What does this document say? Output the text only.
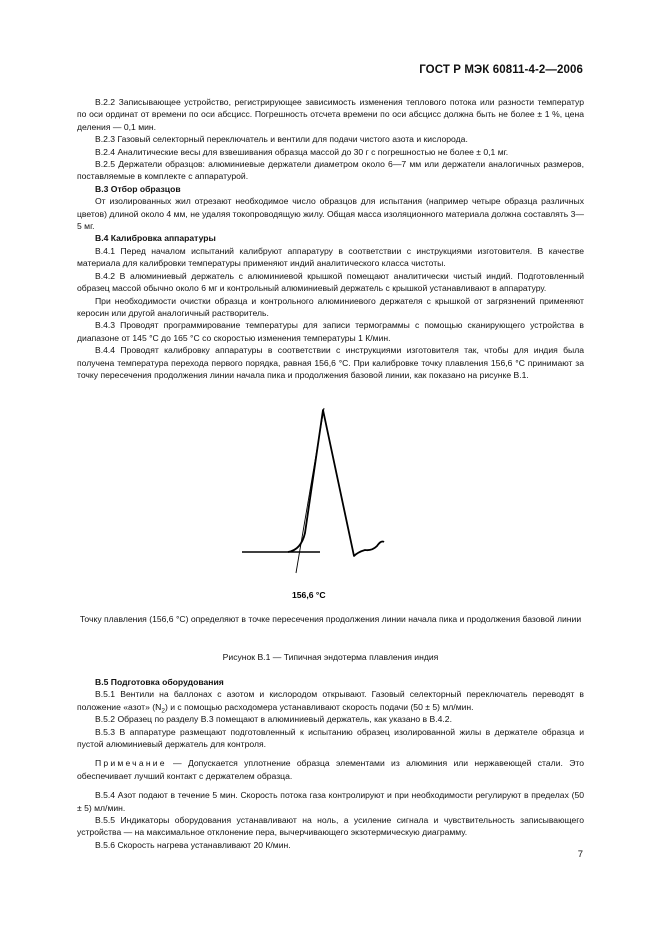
ГОСТ Р МЭК 60811-4-2—2006

B.2.2 Записывающее устройство, регистрирующее зависимость изменения теплового потока или разности температур по оси ординат от времени по оси абсцисс. Погрешность отсчета времени по оси абсцисс должна быть не более ± 1 %, цена деления — 0,1 мин.

B.2.3 Газовый селекторный переключатель и вентили для подачи чистого азота и кислорода.

B.2.4 Аналитические весы для взвешивания образца массой до 30 г с погрешностью не более ± 0,1 мг.

B.2.5 Держатели образцов: алюминиевые держатели диаметром около 6—7 мм или держатели аналогичных размеров, поставляемые в комплекте с аппаратурой.

B.3 Отбор образцов

От изолированных жил отрезают необходимое число образцов для испытания (например четыре образца различных цветов) длиной около 4 мм, не удаляя токопроводящую жилу. Общая масса изоляционного материала должна составлять 3—5 мг.

B.4 Калибровка аппаратуры

B.4.1 Перед началом испытаний калибруют аппаратуру в соответствии с инструкциями изготовителя. В качестве материала для калибровки температуры применяют индий аналитического класса чистоты.

B.4.2 В алюминиевый держатель с алюминиевой крышкой помещают аналитически чистый индий. Подготовленный образец массой обычно около 6 мг и контрольный алюминиевый держатель с крышкой устанавливают в аппаратуру.

При необходимости очистки образца и контрольного алюминиевого держателя с крышкой от загрязнений применяют керосин или другой аналогичный растворитель.

B.4.3 Проводят программирование температуры для записи термограммы с помощью сканирующего устройства в диапазоне от 145 °C до 165 °C со скоростью изменения температуры 1 К/мин.

B.4.4 Проводят калибровку аппаратуры в соответствии с инструкциями изготовителя так, чтобы для индия была получена температура перехода первого порядка, равная 156,6 °C. При калибровке точку плавления 156,6 °C принимают за точку пересечения продолжения линии начала пика и продолжения базовой линии, как показано на рисунке B.1.

156,6 °C
Точку плавления (156,6 °C) определяют в точке пересечения продолжения линии начала пика и продолжения базовой линии
Рисунок B.1 — Типичная эндотерма плавления индия

B.5 Подготовка оборудования

B.5.1 Вентили на баллонах с азотом и кислородом открывают. Газовый селекторный переключатель переводят в положение «азот» $(N_2)$ и с помощью расходомера устанавливают скорость подачи (50 ± 5) мл/мин.

B.5.2 Образец по разделу B.3 помещают в алюминиевый держатель, как указано в B.4.2.

B.5.3 В аппаратуре размещают подготовленный к испытанию образец изолированной жилы в держателе образца и пустой алюминиевый держатель для контроля.

Примечание — Допускается уплотнение образца элементами из алюминия или нержавеющей стали. Это обеспечивает лучший контакт с держателем образца.

B.5.4 Азот подают в течение 5 мин. Скорость потока газа контролируют и при необходимости регулируют в пределах (50 ± 5) мл/мин.

B.5.5 Индикаторы оборудования устанавливают на ноль, а усиление сигнала и чувствительность записывающего устройства — на максимальное отклонение пера, вычерчивающего экзотермическую диаграмму.

B.5.6 Скорость нагрева устанавливают 20 К/мин.

7
